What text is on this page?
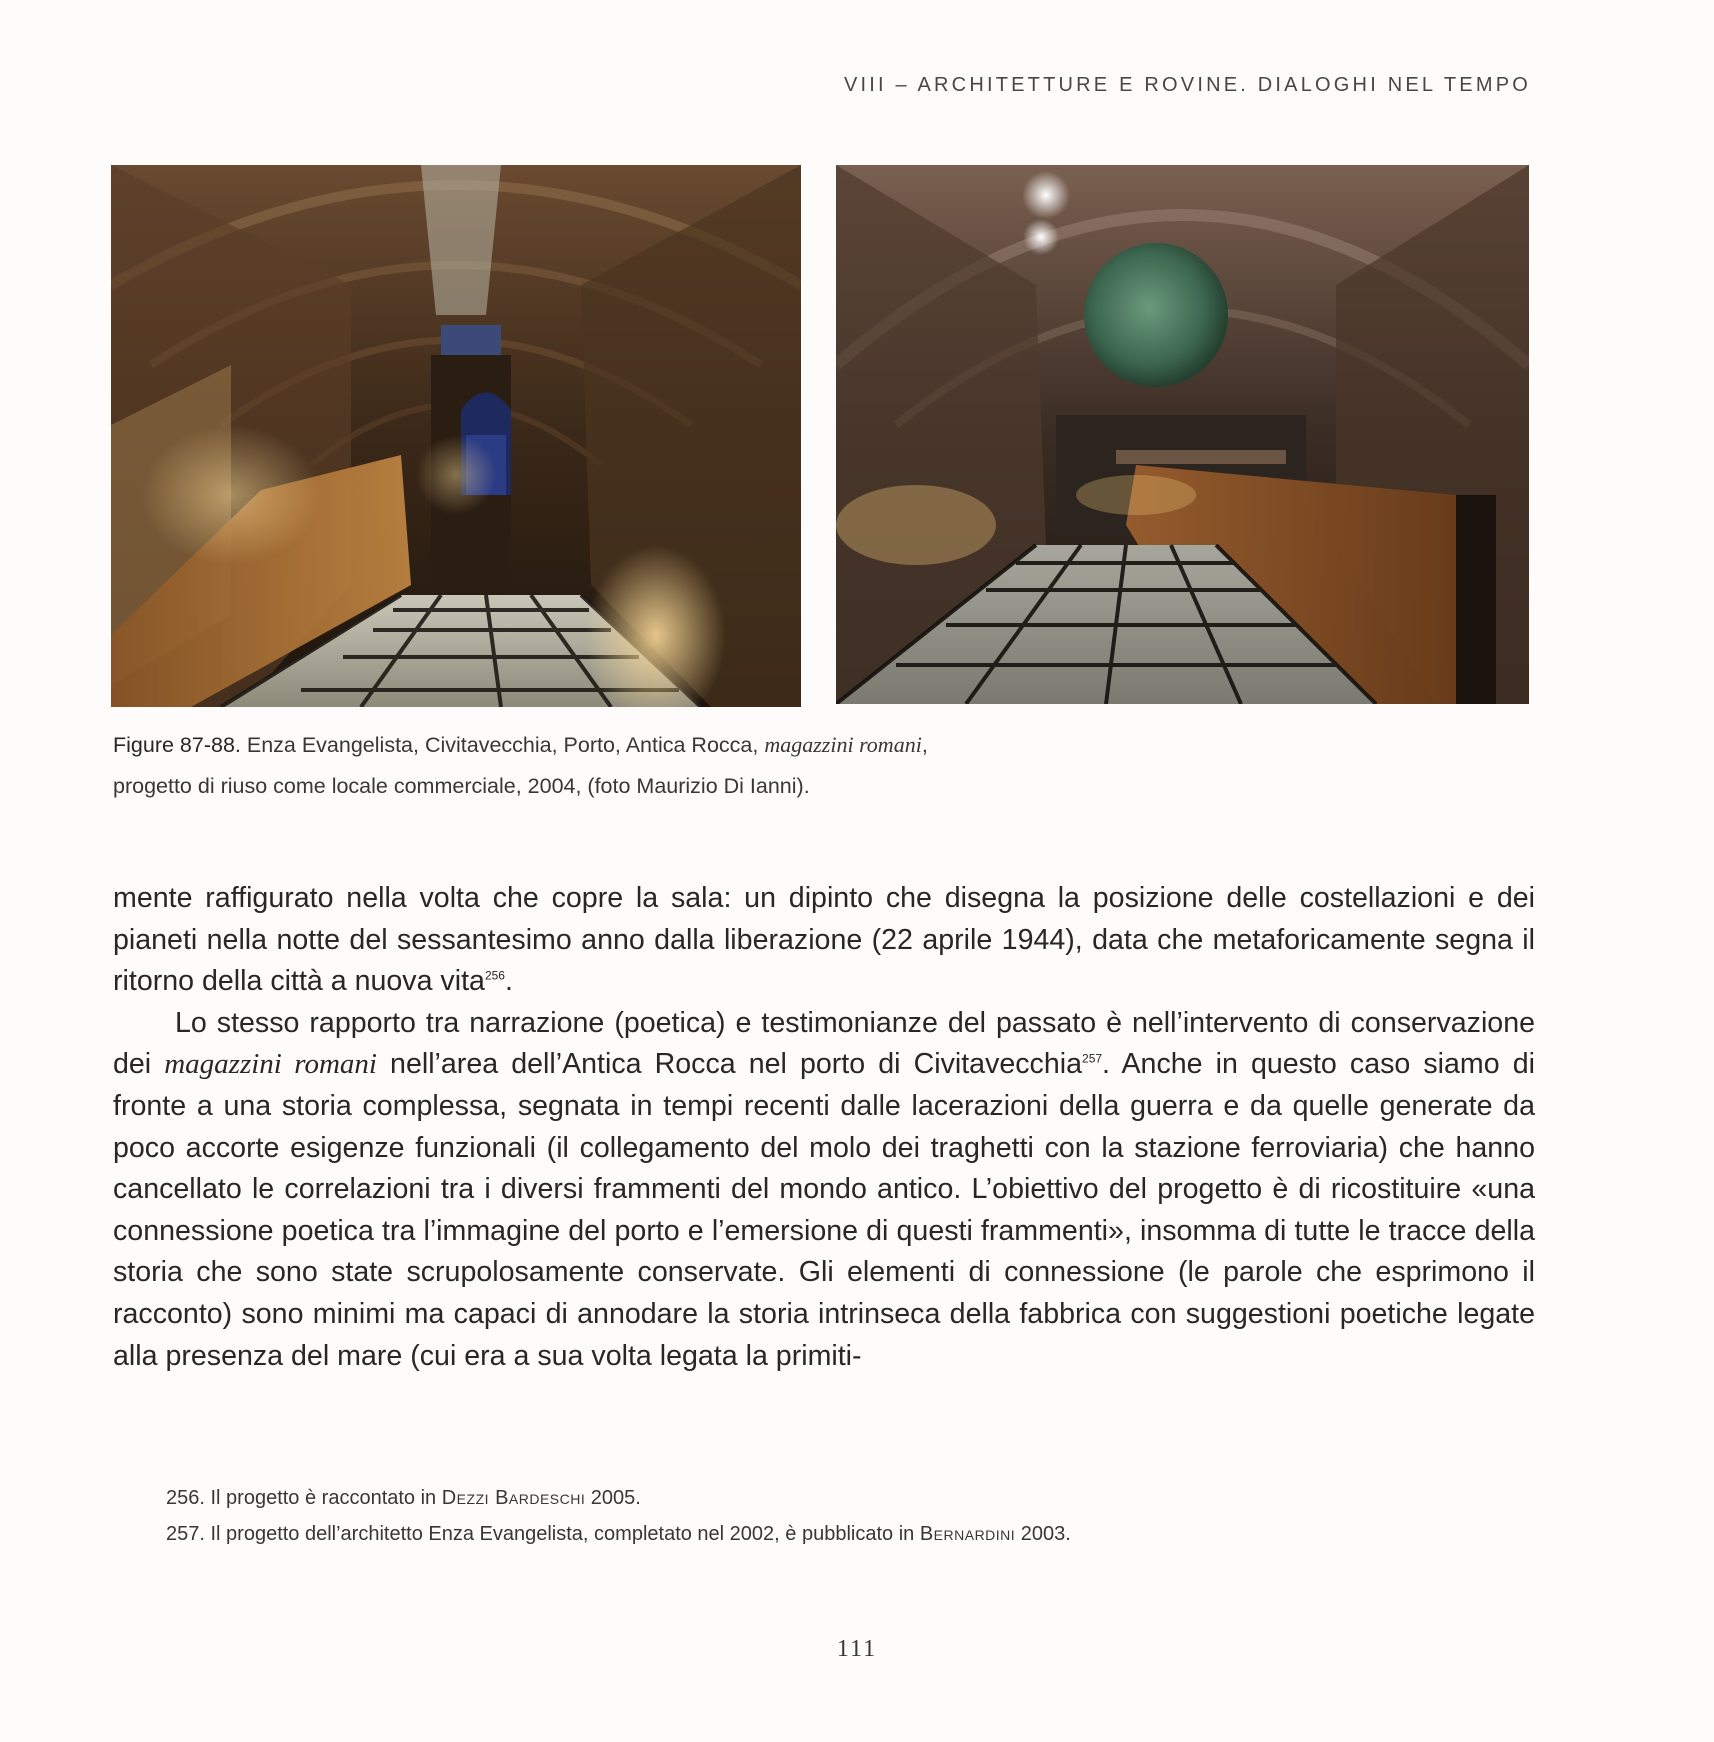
VIII – ARCHITETTURE E ROVINE. DIALOGHI NEL TEMPO
Figure 87-88. Enza Evangelista, Civitavecchia, Porto, Antica Rocca, magazzini romani,
progetto di riuso come locale commerciale, 2004, (foto Maurizio Di Ianni).

mente raffigurato nella volta che copre la sala: un dipinto che disegna la posizione delle costellazioni e dei pianeti nella notte del sessantesimo anno dalla liberazione (22 aprile 1944), data che metaforicamente segna il ritorno della città a nuova vita$^{256}$.

Lo stesso rapporto tra narrazione (poetica) e testimonianze del passato è nell’intervento di conservazione dei magazzini romani nell’area dell’Antica Rocca nel porto di Civitavecchia$^{257}$. Anche in questo caso siamo di fronte a una storia complessa, segnata in tempi recenti dalle lacerazioni della guerra e da quelle generate da poco accorte esigenze funzionali (il collegamento del molo dei traghetti con la stazione ferroviaria) che hanno cancellato le correlazioni tra i diversi frammenti del mondo antico. L’obiettivo del progetto è di ricostituire «una connessione poetica tra l’immagine del porto e l’emersione di questi frammenti», insomma di tutte le tracce della storia che sono state scrupolosamente conservate. Gli elementi di connessione (le parole che esprimono il racconto) sono minimi ma capaci di annodare la storia intrinseca della fabbrica con suggestioni poetiche legate alla presenza del mare (cui era a sua volta legata la primiti-

256. Il progetto è raccontato in Dezzi Bardeschi 2005.

257. Il progetto dell’architetto Enza Evangelista, completato nel 2002, è pubblicato in Bernardini 2003.

111
